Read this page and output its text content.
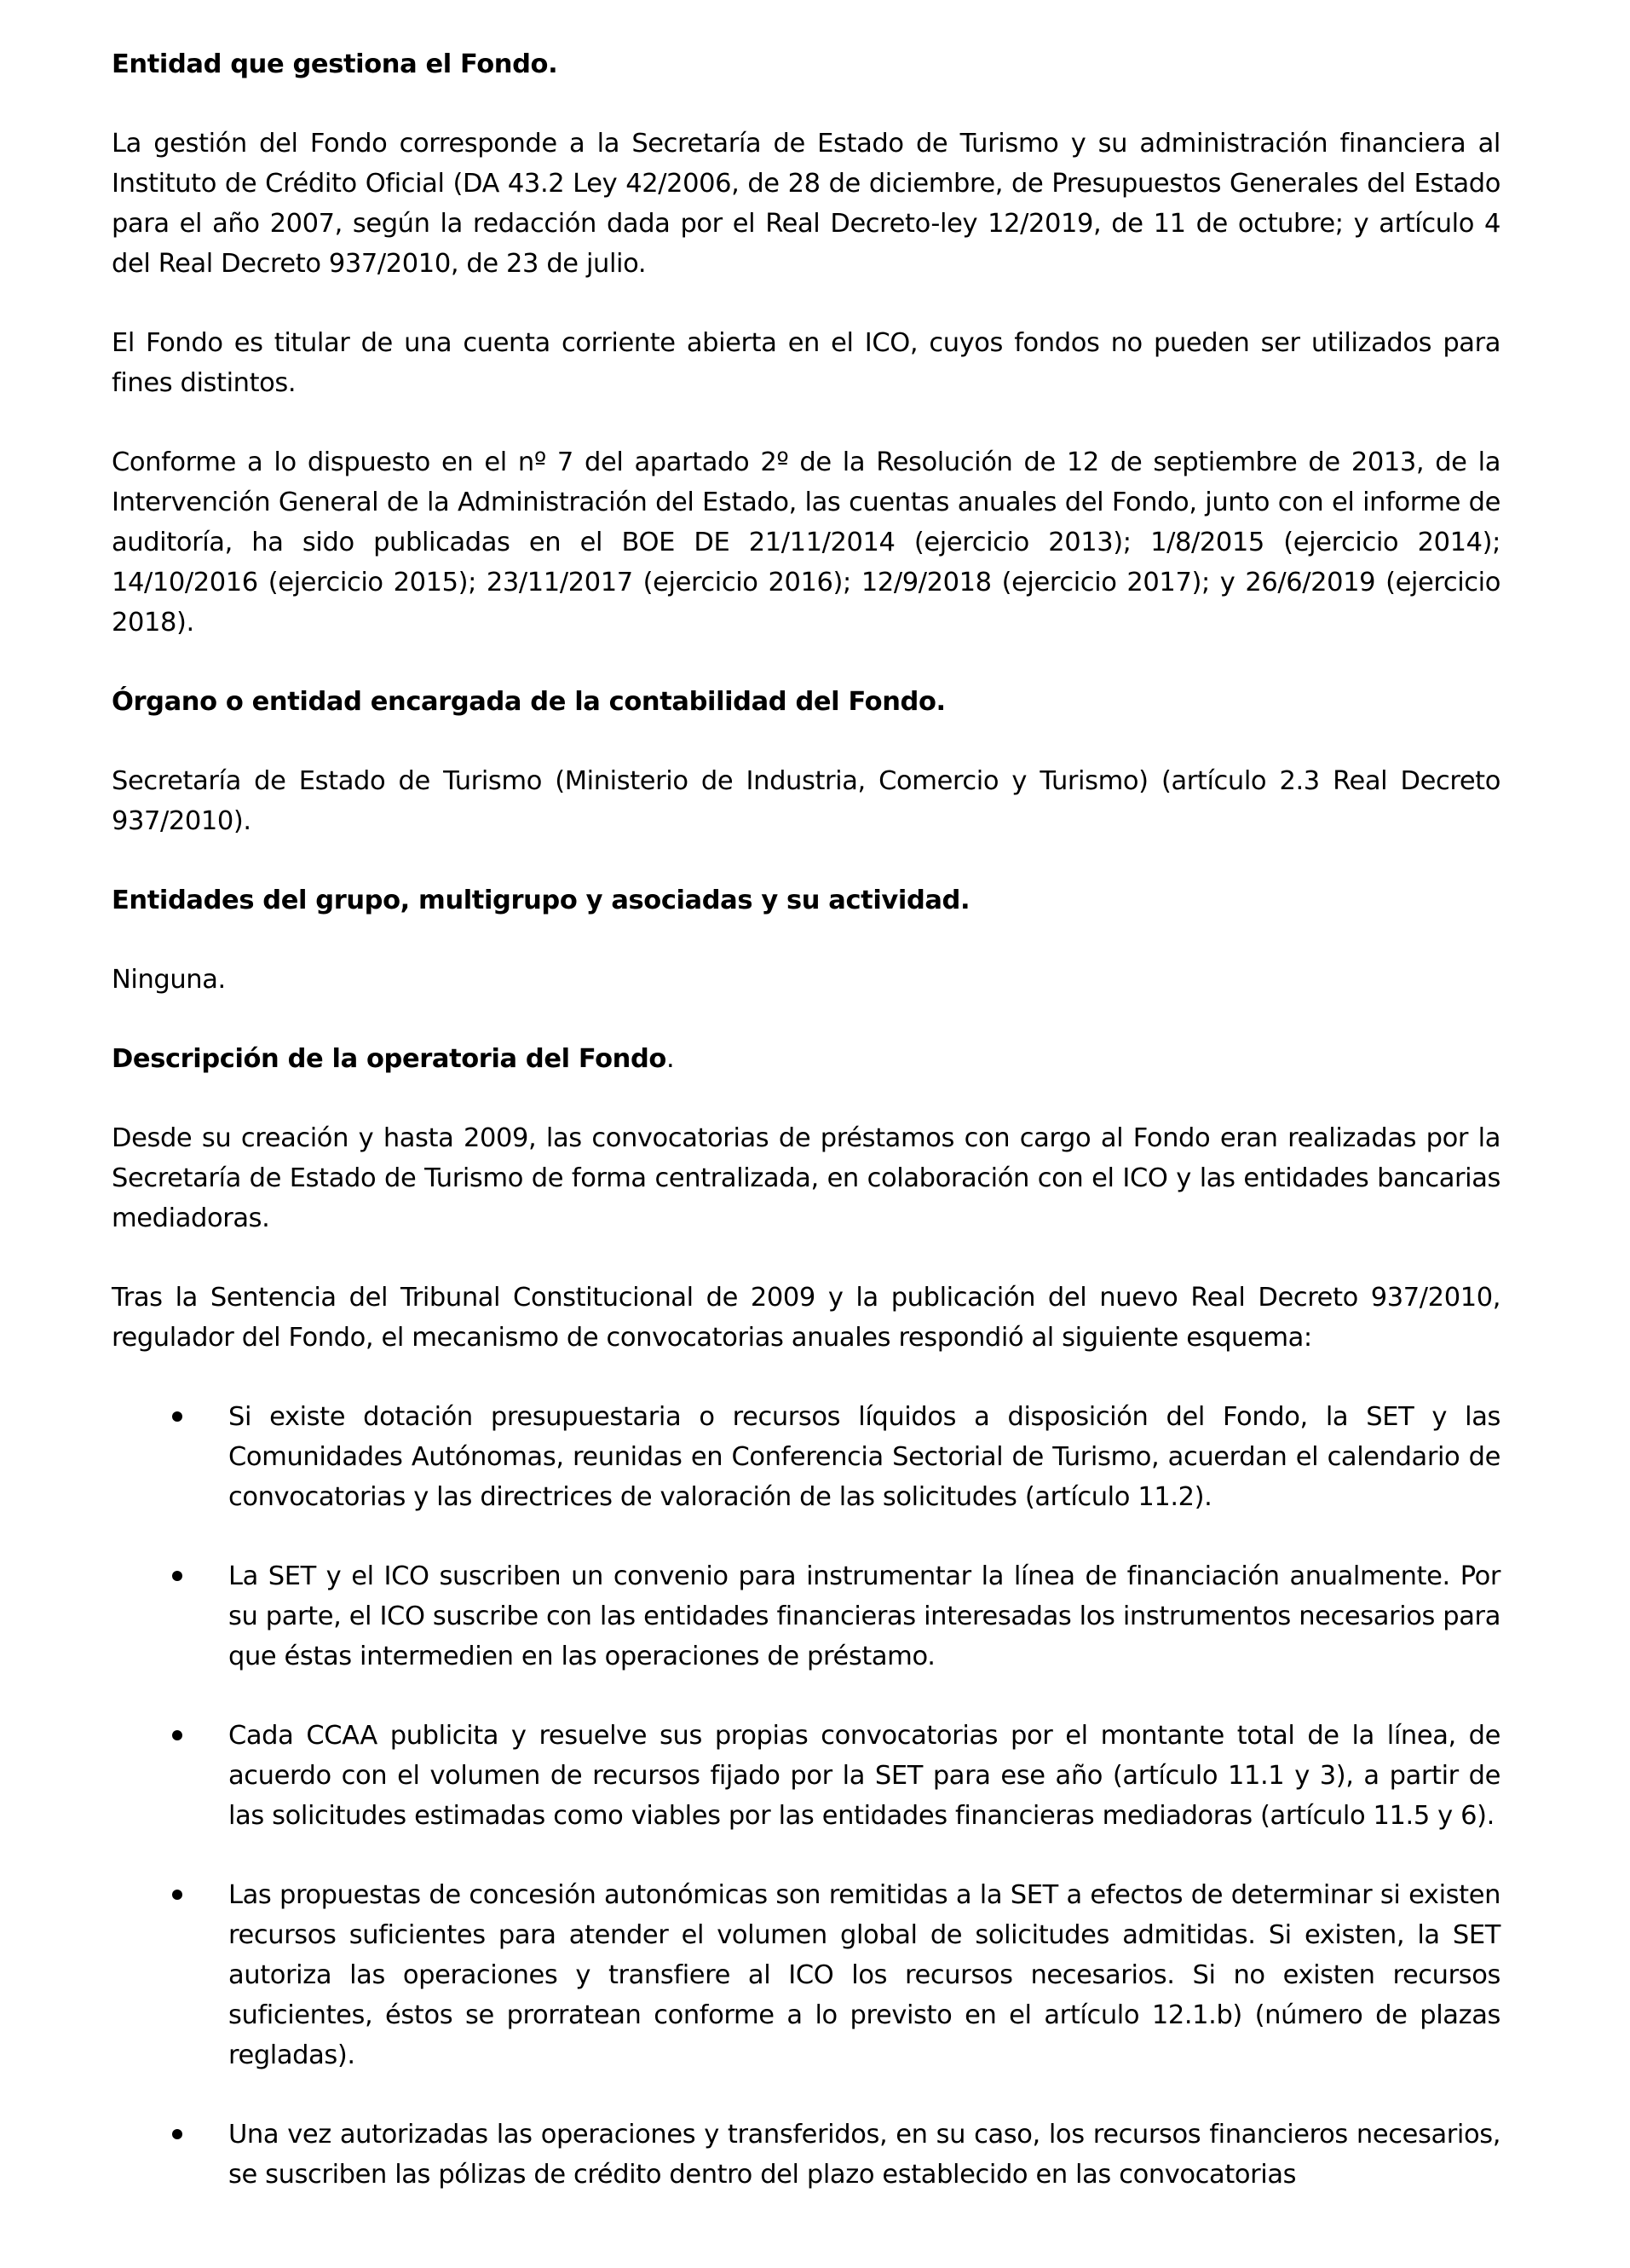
Entidad que gestiona el Fondo.

La gestión del Fondo corresponde a la Secretaría de Estado de Turismo y su administración financiera al Instituto de Crédito Oficial (DA 43.2 Ley 42/2006, de 28 de diciembre, de Presupuestos Generales del Estado para el año 2007, según la redacción dada por el Real Decreto-ley 12/2019, de 11 de octubre; y artículo 4 del Real Decreto 937/2010, de 23 de julio.

El Fondo es titular de una cuenta corriente abierta en el ICO, cuyos fondos no pueden ser utilizados para fines distintos.

Conforme a lo dispuesto en el nº 7 del apartado 2º de la Resolución de 12 de septiembre de 2013, de la Intervención General de la Administración del Estado, las cuentas anuales del Fondo, junto con el informe de auditoría, ha sido publicadas en el BOE DE 21/11/2014 (ejercicio 2013); 1/8/2015 (ejercicio 2014); 14/10/2016 (ejercicio 2015); 23/11/2017 (ejercicio 2016); 12/9/2018 (ejercicio 2017); y 26/6/2019 (ejercicio 2018).

Órgano o entidad encargada de la contabilidad del Fondo.

Secretaría de Estado de Turismo (Ministerio de Industria, Comercio y Turismo) (artículo 2.3 Real Decreto 937/2010).

Entidades del grupo, multigrupo y asociadas y su actividad.

Ninguna.

Descripción de la operatoria del Fondo.

Desde su creación y hasta 2009, las convocatorias de préstamos con cargo al Fondo eran realizadas por la Secretaría de Estado de Turismo de forma centralizada, en colaboración con el ICO y las entidades bancarias mediadoras.

Tras la Sentencia del Tribunal Constitucional de 2009 y la publicación del nuevo Real Decreto 937/2010, regulador del Fondo, el mecanismo de convocatorias anuales respondió al siguiente esquema:

Si existe dotación presupuestaria o recursos líquidos a disposición del Fondo, la SET y las Comunidades Autónomas, reunidas en Conferencia Sectorial de Turismo, acuerdan el calendario de convocatorias y las directrices de valoración de las solicitudes (artículo 11.2).

La SET y el ICO suscriben un convenio para instrumentar la línea de financiación anualmente. Por su parte, el ICO suscribe con las entidades financieras interesadas los instrumentos necesarios para que éstas intermedien en las operaciones de préstamo.

Cada CCAA publicita y resuelve sus propias convocatorias por el montante total de la línea, de acuerdo con el volumen de recursos fijado por la SET para ese año (artículo 11.1 y 3), a partir de las solicitudes estimadas como viables por las entidades financieras mediadoras (artículo 11.5 y 6).

Las propuestas de concesión autonómicas son remitidas a la SET a efectos de determinar si existen recursos suficientes para atender el volumen global de solicitudes admitidas. Si existen, la SET autoriza las operaciones y transfiere al ICO los recursos necesarios. Si no existen recursos suficientes, éstos se prorratean conforme a lo previsto en el artículo 12.1.b) (número de plazas regladas).

Una vez autorizadas las operaciones y transferidos, en su caso, los recursos financieros necesarios, se suscriben las pólizas de crédito dentro del plazo establecido en las convocatorias
